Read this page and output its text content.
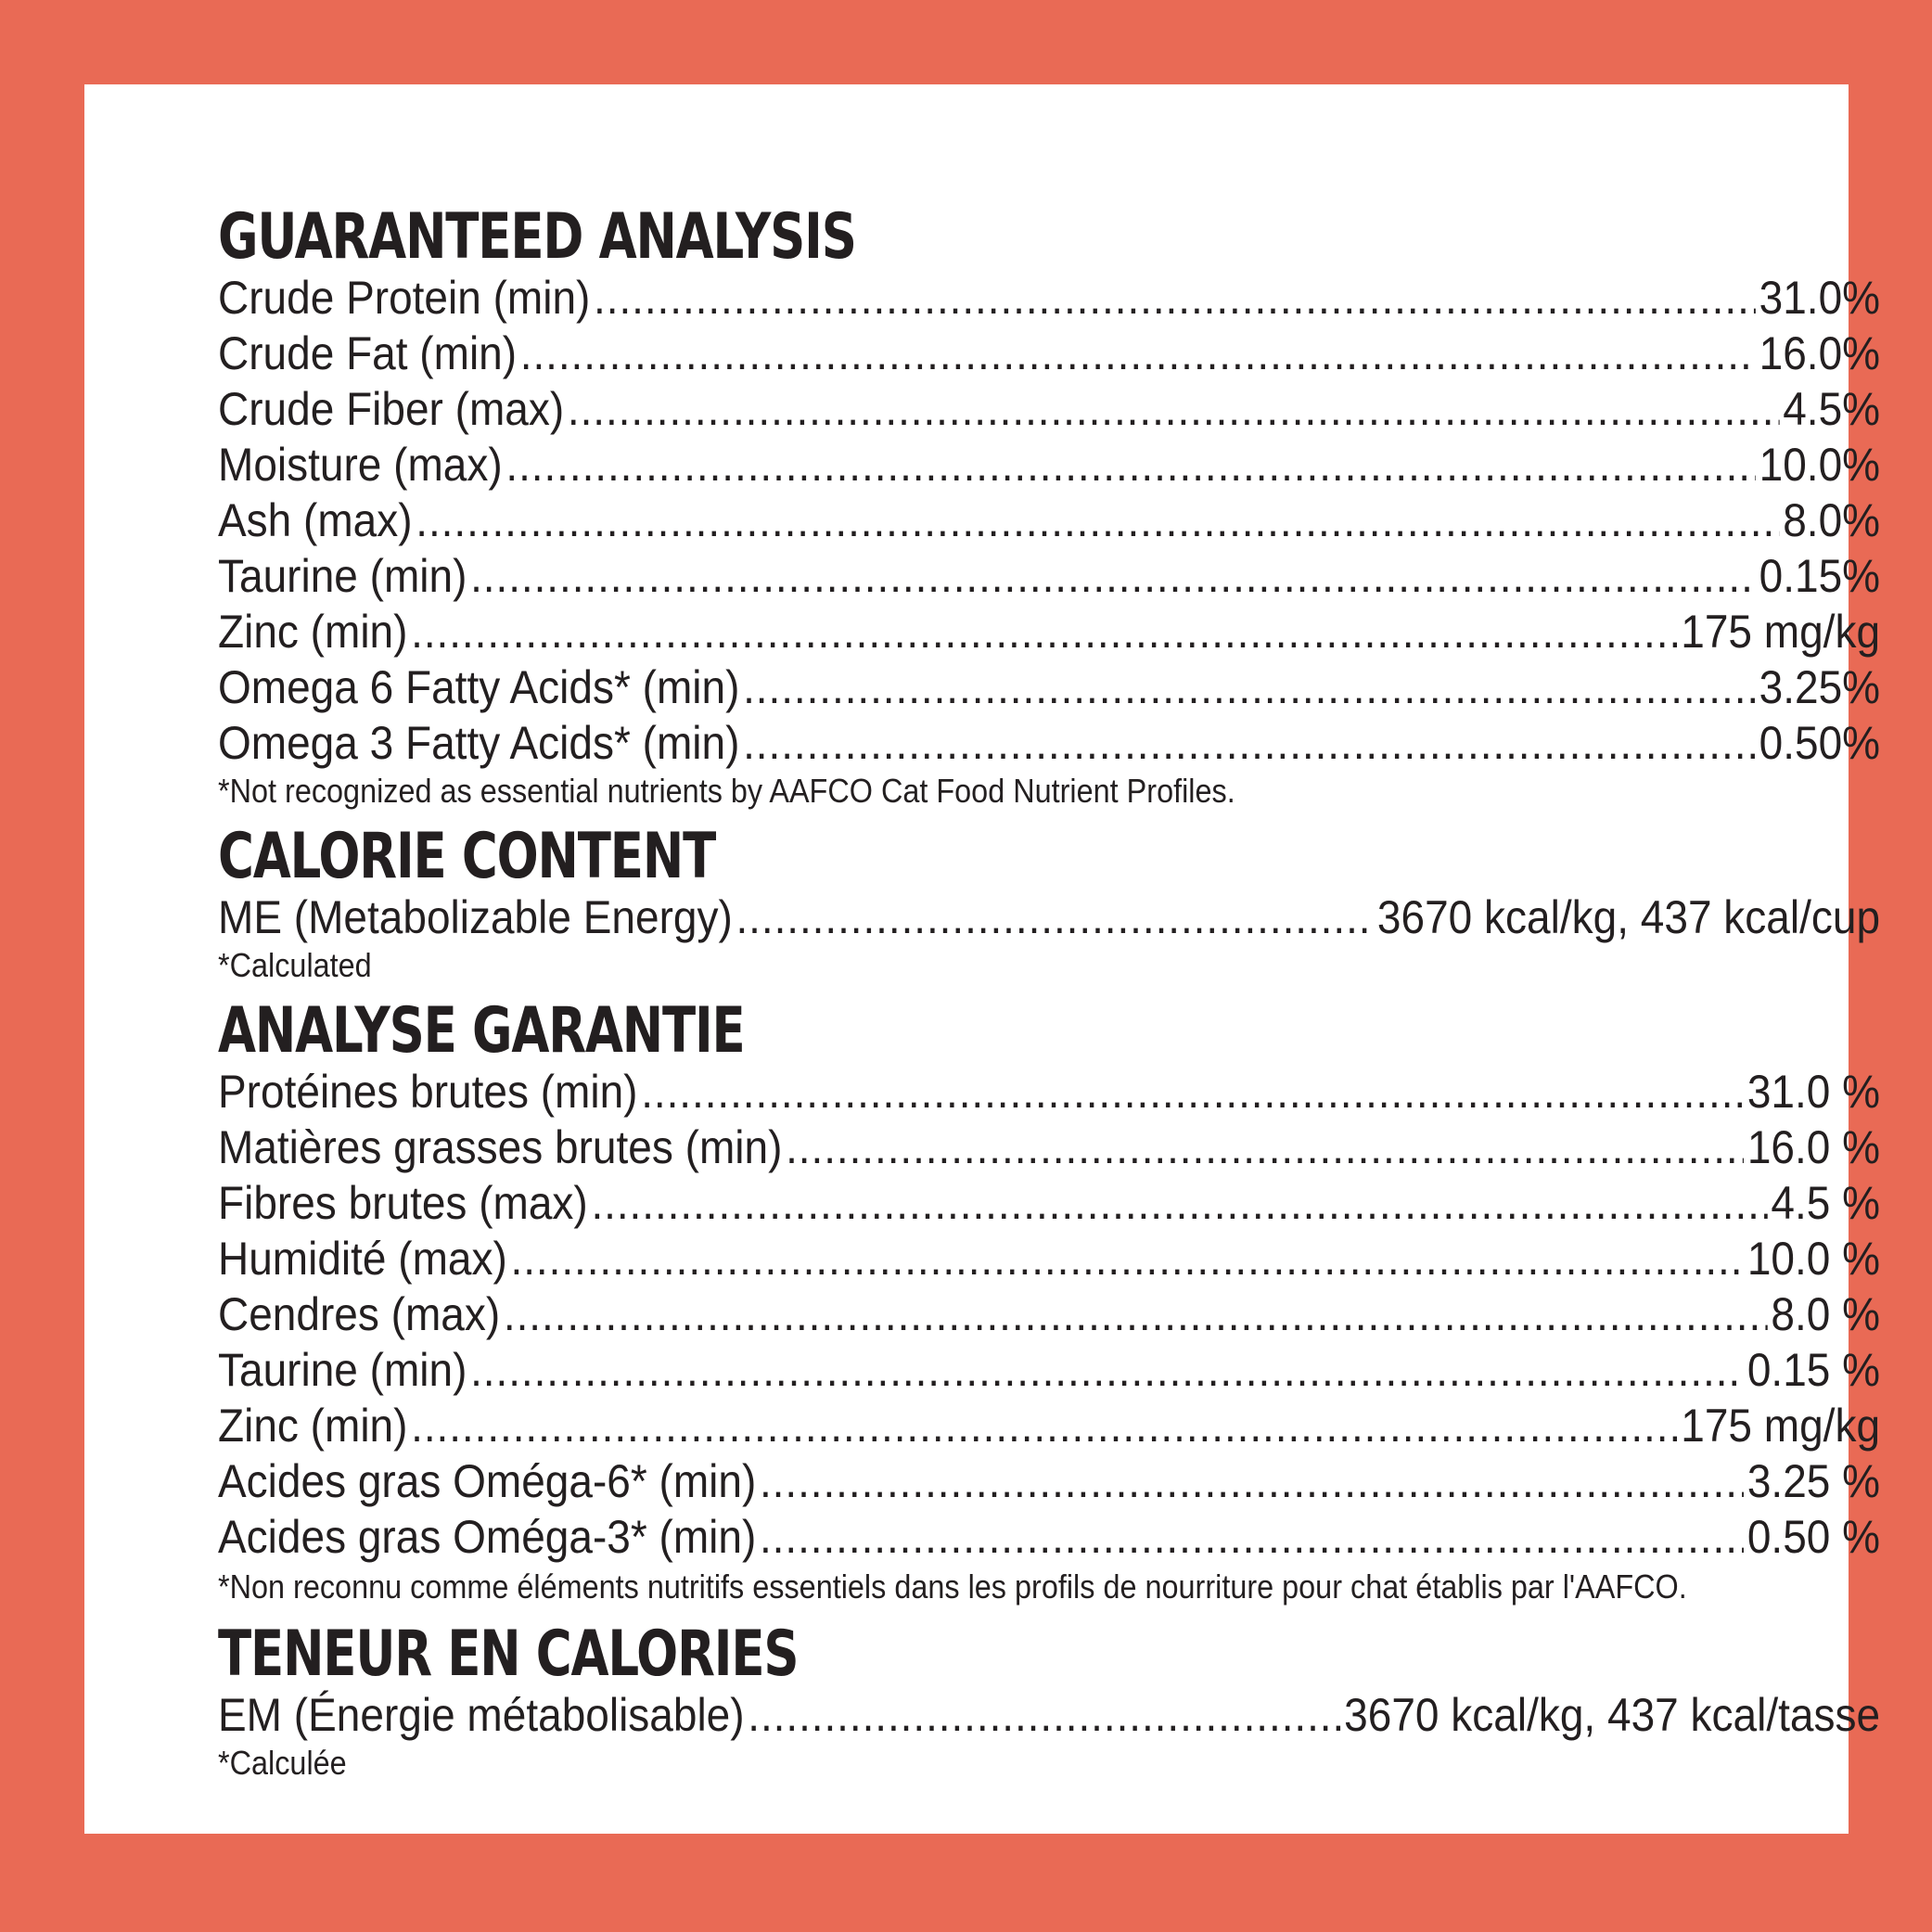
GUARANTEED ANALYSIS
Crude Protein (min) .....	31.0%
Crude Fat (min) .....	16.0%
Crude Fiber (max) .....	4.5%
Moisture (max) .....	10.0%
Ash (max) .....	8.0%
Taurine (min) .....	0.15%
Zinc (min) .....	175 mg/kg
Omega 6 Fatty Acids* (min) .....	3.25%
Omega 3 Fatty Acids* (min) .....	0.50%
*Not recognized as essential nutrients by AAFCO Cat Food Nutrient Profiles.
CALORIE CONTENT
ME (Metabolizable Energy) .....	3670 kcal/kg, 437 kcal/cup
*Calculated
ANALYSE GARANTIE
Protéines brutes (min) .....	31.0 %
Matières grasses brutes (min) .....	16.0 %
Fibres brutes (max) .....	4.5 %
Humidité (max) .....	10.0 %
Cendres (max) .....	8.0 %
Taurine (min) .....	0.15 %
Zinc (min) .....	175 mg/kg
Acides gras Oméga-6* (min) .....	3.25 %
Acides gras Oméga-3* (min) .....	0.50 %
*Non reconnu comme éléments nutritifs essentiels dans les profils de nourriture pour chat établis par l'AAFCO.
TENEUR EN CALORIES
EM (Énergie métabolisable) .....	3670 kcal/kg, 437 kcal/tasse
*Calculée
